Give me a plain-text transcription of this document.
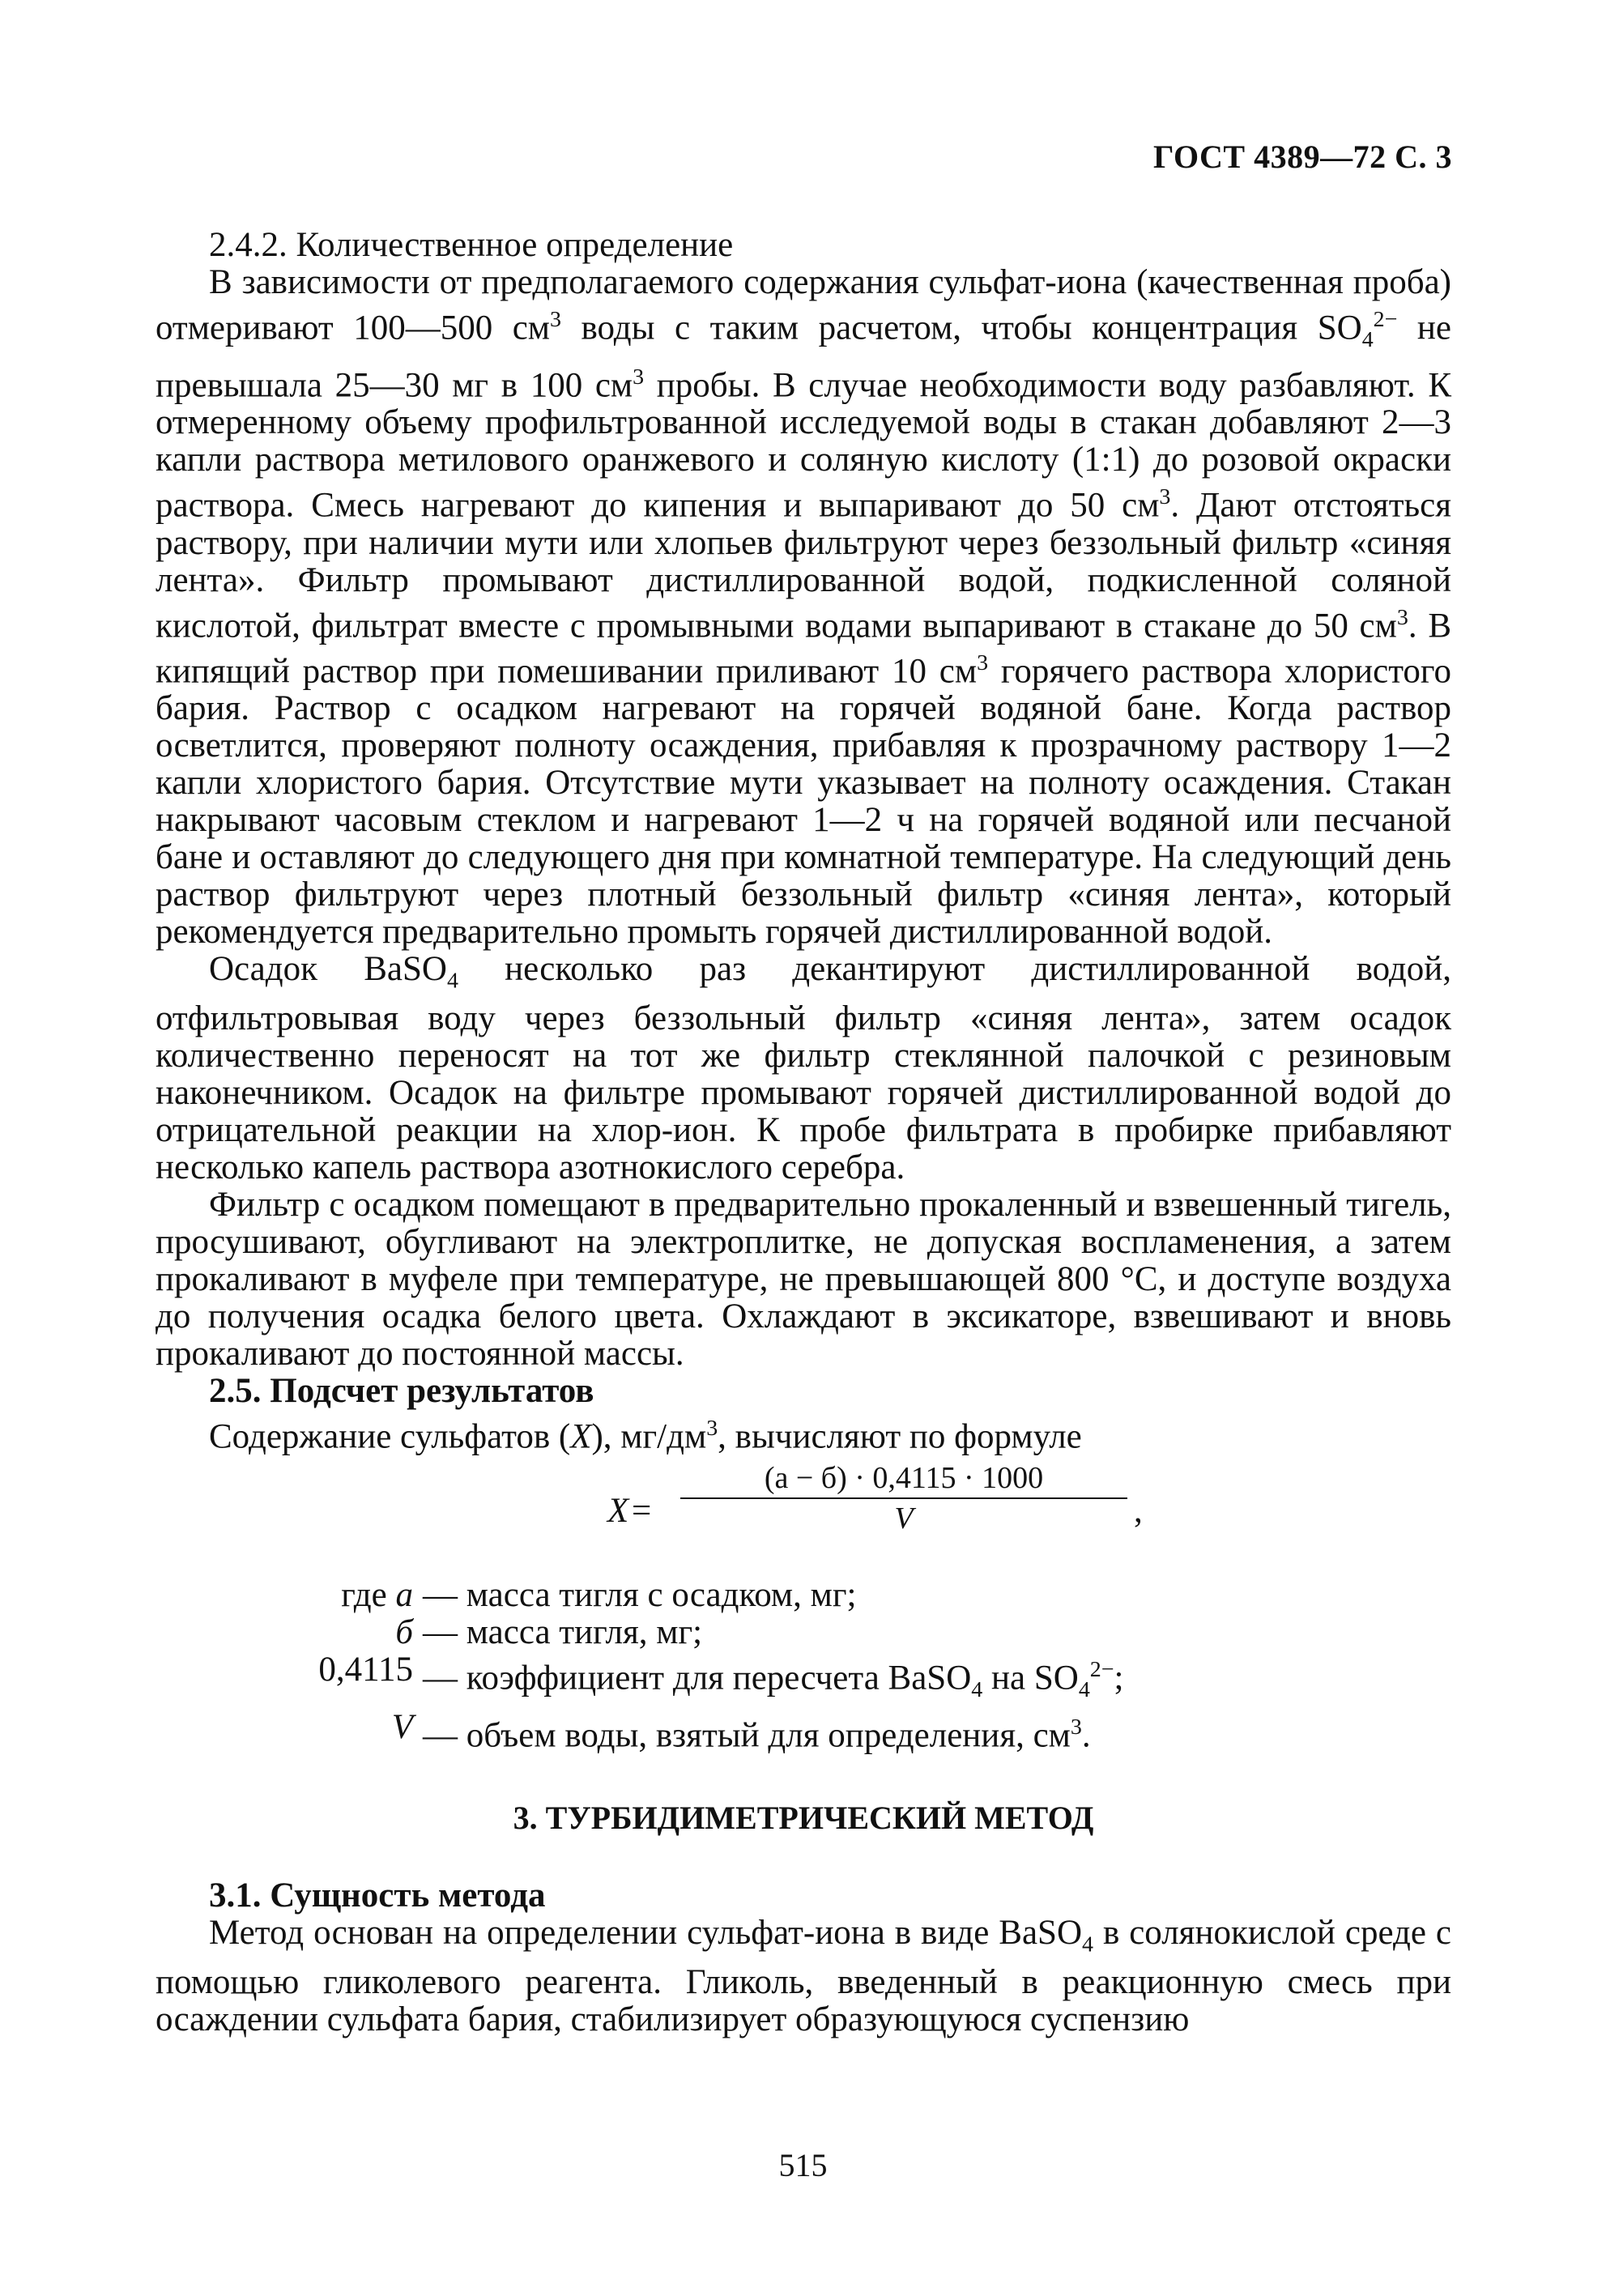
ГОСТ 4389—72 С. 3

2.4.2. Количественное определение

В зависимости от предполагаемого содержания сульфат-иона (качественная проба) отмеривают 100—500 $см^3$ воды с таким расчетом, чтобы концентрация $SO_4^{2-}$ не превышала 25—30 мг в 100 $см^3$ пробы. В случае необходимости воду разбавляют. К отмеренному объему профильтрованной исследуемой воды в стакан добавляют 2—3 капли раствора метилового оранжевого и соляную кислоту (1:1) до розовой окраски раствора. Смесь нагревают до кипения и выпаривают до 50 $см^3$. Дают отстояться раствору, при наличии мути или хлопьев фильтруют через беззольный фильтр «синяя лента». Фильтр промывают дистиллированной водой, подкисленной соляной кислотой, фильтрат вместе с промывными водами выпаривают в стакане до 50 $см^3$. В кипящий раствор при помешивании приливают 10 $см^3$ горячего раствора хлористого бария. Раствор с осадком нагревают на горячей водяной бане. Когда раствор осветлится, проверяют полноту осаждения, прибавляя к прозрачному раствору 1—2 капли хлористого бария. Отсутствие мути указывает на полноту осаждения. Стакан накрывают часовым стеклом и нагревают 1—2 ч на горячей водяной или песчаной бане и оставляют до следующего дня при комнатной температуре. На следующий день раствор фильтруют через плотный беззольный фильтр «синяя лента», который рекомендуется предварительно промыть горячей дистиллированной водой.

Осадок BaSO$_4$ несколько раз декантируют дистиллированной водой, отфильтровывая воду через беззольный фильтр «синяя лента», затем осадок количественно переносят на тот же фильтр стеклянной палочкой с резиновым наконечником. Осадок на фильтре промывают горячей дистиллированной водой до отрицательной реакции на хлор-ион. К пробе фильтрата в пробирке прибавляют несколько капель раствора азотнокислого серебра.

Фильтр с осадком помещают в предварительно прокаленный и взвешенный тигель, просушивают, обугливают на электроплитке, не допуская воспламенения, а затем прокаливают в муфеле при температуре, не превышающей 800 °С, и доступе воздуха до получения осадка белого цвета. Охлаждают в эксикаторе, взвешивают и вновь прокаливают до постоянной массы.

2.5. Подсчет результатов

Содержание сульфатов (X), $мг/дм^3$, вычисляют по формуле

X =
(а − б) · 0,4115 · 1000
V	,
где а — масса тигля с осадком, мг;
б — масса тигля, мг;
0,4115 — коэффициент для пересчета BaSO$_4$ на $SO_4^{2-}$;
V — объем воды, взятый для определения, $см^3$.
3. ТУРБИДИМЕТРИЧЕСКИЙ МЕТОД

3.1. Сущность метода

Метод основан на определении сульфат-иона в виде BaSO$_4$ в солянокислой среде с помощью гликолевого реагента. Гликоль, введенный в реакционную смесь при осаждении сульфата бария, стабилизирует образующуюся суспензию

515
